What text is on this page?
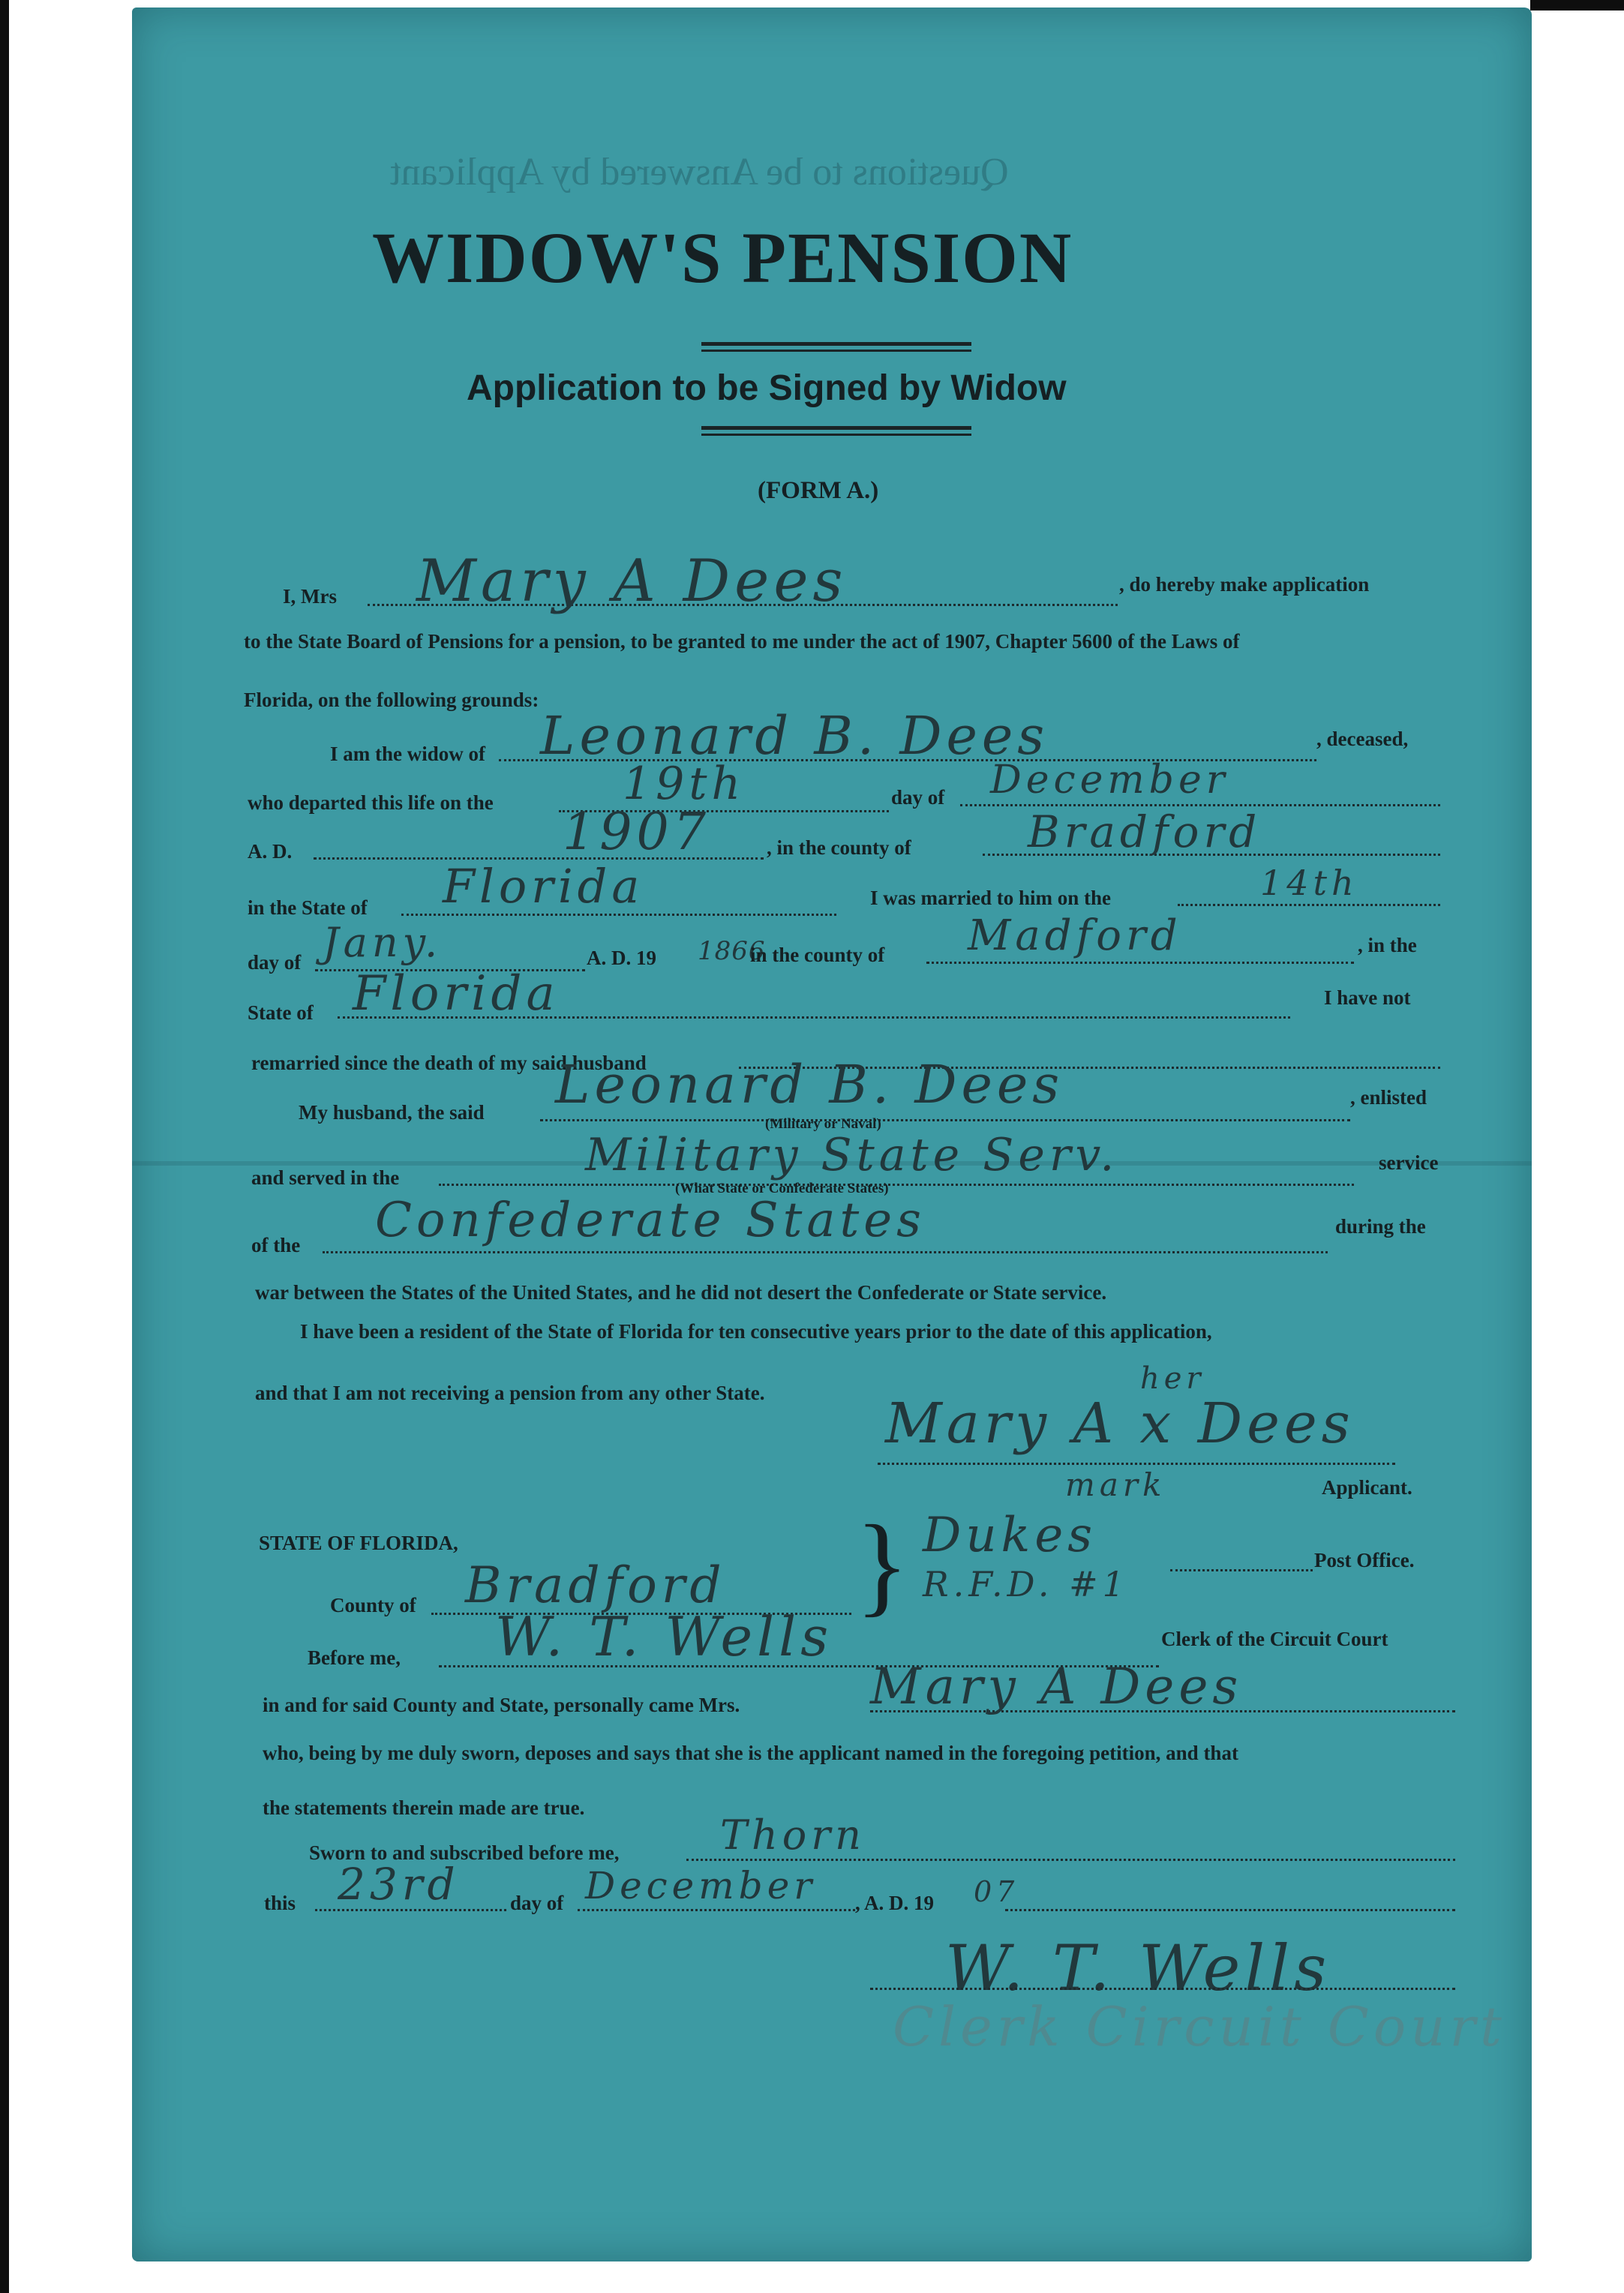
Questions to be Answered by Applicant
WIDOW'S PENSION
Application to be Signed by Widow
(FORM A.)
I, Mrs Mary A Dees	, do hereby make application
to the State Board of Pensions for a pension, to be granted to me under the act of 1907, Chapter 5600 of the Laws of
Florida, on the following grounds:
I am the widow of Leonard B. Dees	, deceased,
who departed this life on the	19th	day of December
A. D.	1907	, in the county of	Bradford
in the State of Florida	I was married to him on the	14th
day of Jany.	A. D. 19 1866
in the county of Madford	, in the
State of Florida	I have not
remarried since the death of my said husband
My husband, the said Leonard B. Dees	, enlisted
(Military or Naval)
and served in the	Military State Serv.	service
(What State or Confederate States)
of the Confederate States	during the
war between the States of the United States, and he did not desert the Confederate or State service.
I have been a resident of the State of Florida for ten consecutive years prior to the date of this application,
and that I am not receiving a pension from any other State.	her
Mary A x Dees
mark	Applicant.
STATE OF FLORIDA,	} Dukes	Post Office.
R.F.D. #1
County of Bradford
Before me, W. T. Wells	Clerk of the Circuit Court
in and for said County and State, personally came Mrs.	Mary A Dees
who, being by me duly sworn, deposes and says that she is the applicant named in the foregoing petition, and that
the statements therein made are true.
Sworn to and subscribed before me, Thorn
this 23rd day of December , A. D. 19 07
W. T. Wells
Clerk Circuit Court
